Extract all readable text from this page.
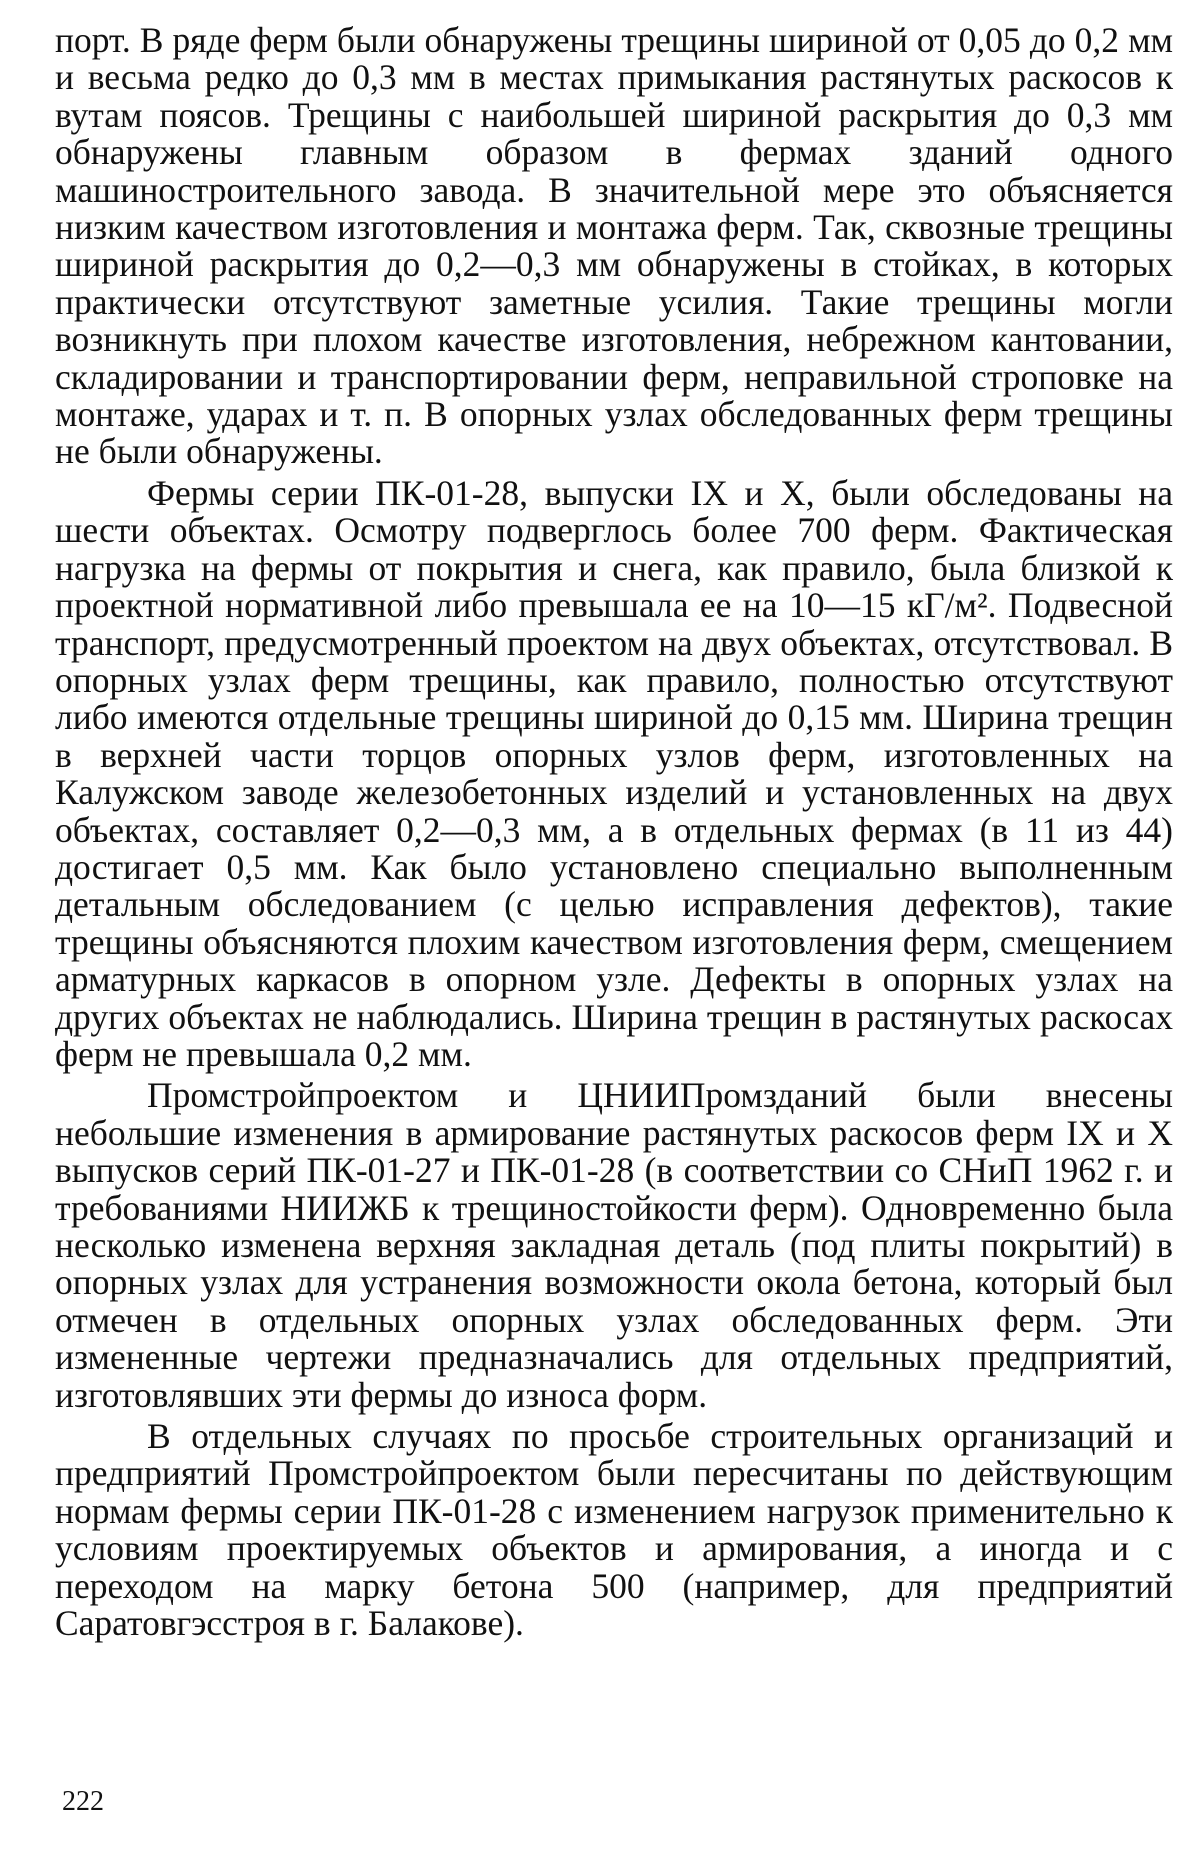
порт. В ряде ферм были обнаружены трещины шириной от 0,05 до 0,2 мм и весьма редко до 0,3 мм в местах примыкания растянутых раскосов к вутам поясов. Трещины с наибольшей шириной раскрытия до 0,3 мм обнаружены главным образом в фермах зданий одного машиностроительного завода. В значительной мере это объясняется низким качеством изготовления и монтажа ферм. Так, сквозные трещины шириной раскрытия до 0,2—0,3 мм обнаружены в стойках, в которых практически отсутствуют заметные усилия. Такие трещины могли возникнуть при плохом качестве изготовления, небрежном кантовании, складировании и транспортировании ферм, неправильной строповке на монтаже, ударах и т. п. В опорных узлах обследованных ферм трещины не были обнаружены.

Фермы серии ПК-01-28, выпуски IX и X, были обследованы на шести объектах. Осмотру подверглось более 700 ферм. Фактическая нагрузка на фермы от покрытия и снега, как правило, была близкой к проектной нормативной либо превышала ее на 10—15 кГ/м². Подвесной транспорт, предусмотренный проектом на двух объектах, отсутствовал. В опорных узлах ферм трещины, как правило, полностью отсутствуют либо имеются отдельные трещины шириной до 0,15 мм. Ширина трещин в верхней части торцов опорных узлов ферм, изготовленных на Калужском заводе железобетонных изделий и установленных на двух объектах, составляет 0,2—0,3 мм, а в отдельных фермах (в 11 из 44) достигает 0,5 мм. Как было установлено специально выполненным детальным обследованием (с целью исправления дефектов), такие трещины объясняются плохим качеством изготовления ферм, смещением арматурных каркасов в опорном узле. Дефекты в опорных узлах на других объектах не наблюдались. Ширина трещин в растянутых раскосах ферм не превышала 0,2 мм.

Промстройпроектом и ЦНИИПромзданий были внесены небольшие изменения в армирование растянутых раскосов ферм IX и X выпусков серий ПК-01-27 и ПК-01-28 (в соответствии со СНиП 1962 г. и требованиями НИИЖБ к трещиностойкости ферм). Одновременно была несколько изменена верхняя закладная деталь (под плиты покрытий) в опорных узлах для устранения возможности окола бетона, который был отмечен в отдельных опорных узлах обследованных ферм. Эти измененные чертежи предназначались для отдельных предприятий, изготовлявших эти фермы до износа форм.

В отдельных случаях по просьбе строительных организаций и предприятий Промстройпроектом были пересчитаны по действующим нормам фермы серии ПК-01-28 с изменением нагрузок применительно к условиям проектируемых объектов и армирования, а иногда и с переходом на марку бетона 500 (например, для предприятий Саратовгэсстроя в г. Балакове).

222
